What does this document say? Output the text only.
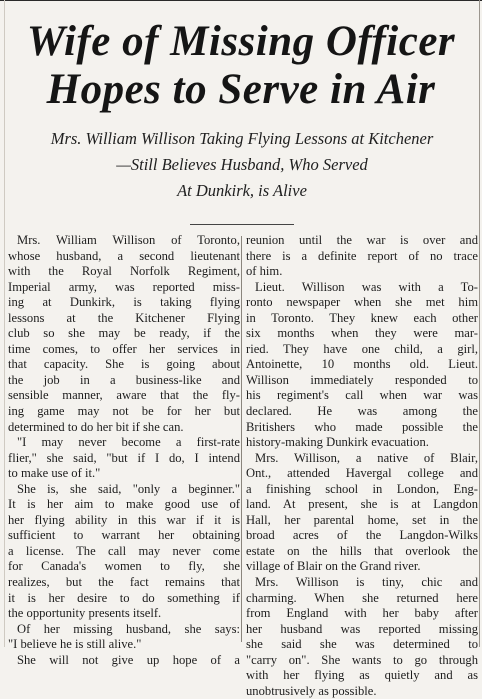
Wife of Missing Officer
Hopes to Serve in Air
Mrs. William Willison Taking Flying Lessons at Kitchener
—Still Believes Husband, Who Served
At Dunkirk, is Alive
Mrs. William Willison of Toronto,
whose husband, a second lieutenant
with the Royal Norfolk Regiment,
Imperial army, was reported miss-
ing at Dunkirk, is taking flying
lessons at the Kitchener Flying
club so she may be ready, if the
time comes, to offer her services in
that capacity. She is going about
the job in a business-like and
sensible manner, aware that the fly-
ing game may not be for her but
determined to do her bit if she can.
"I may never become a first-rate
flier," she said, "but if I do, I intend
to make use of it."
She is, she said, "only a beginner."
It is her aim to make good use of
her flying ability in this war if it is
sufficient to warrant her obtaining
a license. The call may never come
for Canada's women to fly, she
realizes, but the fact remains that
it is her desire to do something if
the opportunity presents itself.
Of her missing husband, she says:
"I believe he is still alive."
She will not give up hope of a
reunion until the war is over and
there is a definite report of no trace
of him.
Lieut. Willison was with a To-
ronto newspaper when she met him
in Toronto. They knew each other
six months when they were mar-
ried. They have one child, a girl,
Antoinette, 10 months old. Lieut.
Willison immediately responded to
his regiment's call when war was
declared. He was among the
Britishers who made possible the
history-making Dunkirk evacuation.
Mrs. Willison, a native of Blair,
Ont., attended Havergal college and
a finishing school in London, Eng-
land. At present, she is at Langdon
Hall, her parental home, set in the
broad acres of the Langdon-Wilks
estate on the hills that overlook the
village of Blair on the Grand river.
Mrs. Willison is tiny, chic and
charming. When she returned here
from England with her baby after
her husband was reported missing
she said she was determined to
"carry on". She wants to go through
with her flying as quietly and as
unobtrusively as possible.
